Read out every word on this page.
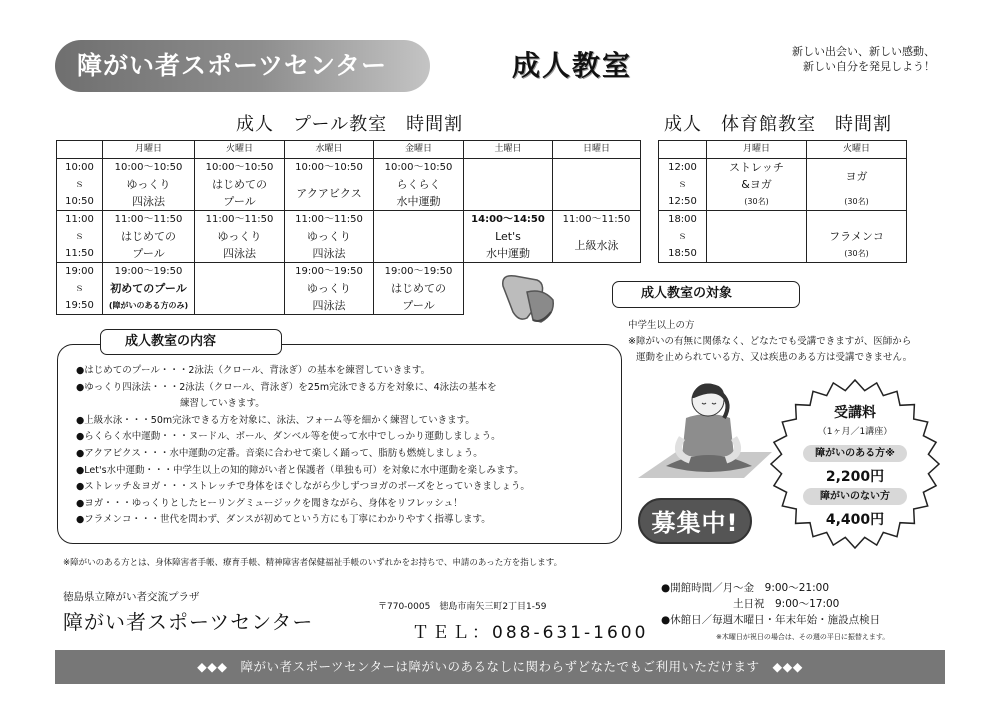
障がい者スポーツセンター	成人教室	新しい出会い、新しい感動、
新しい自分を発見しよう！
成人　プール教室　時間割
	月曜日	火曜日	水曜日	金曜日	土曜日	日曜日
10:00	10:00〜10:50	10:00〜10:50	10:00〜10:50	10:00〜10:50		
ｓ	ゆっくり	はじめての	アクアビクス	らくらく		
10:50	四泳法	プール		水中運動		
11:00	11:00〜11:50	11:00〜11:50	11:00〜11:50		14:00〜14:50	11:00〜11:50
ｓ	はじめての	ゆっくり	ゆっくり		Let's	上級水泳
11:50	プール	四泳法	四泳法		水中運動	
19:00	19:00〜19:50		19:00〜19:50	19:00〜19:50		
ｓ	初めてのプール		ゆっくり	はじめての		
19:50	(障がいのある方のみ)		四泳法	プール		
成人　体育館教室　時間割
	月曜日	火曜日
12:00	ストレッチ	ヨガ
ｓ	&ヨガ	
12:50	(30名)	(30名)
18:00		
ｓ		フラメンコ
18:50		(30名)
成人教室の対象
中学生以上の方
※障がいの有無に関係なく、どなたでも受講できますが、医師から
運動を止められている方、又は疾患のある方は受講できません。
成人教室の内容
●はじめてのプール・・・2泳法（クロール、背泳ぎ）の基本を練習していきます。
●ゆっくり四泳法・・・2泳法（クロール、背泳ぎ）を25m完泳できる方を対象に、4泳法の基本を
練習していきます。
●上級水泳・・・50m完泳できる方を対象に、泳法、フォーム等を細かく練習していきます。
●らくらく水中運動・・・ヌードル、ボール、ダンベル等を使って水中でしっかり運動しましょう。
●アクアビクス・・・水中運動の定番。音楽に合わせて楽しく踊って、脂肪も燃焼しましょう。
●Let's水中運動・・・中学生以上の知的障がい者と保護者（単独も可）を対象に水中運動を楽しみます。
●ストレッチ＆ヨガ・・・ストレッチで身体をほぐしながら少しずつヨガのポーズをとっていきましょう。
●ヨガ・・・ゆっくりとしたヒーリングミュージックを聞きながら、身体をリフレッシュ！
●フラメンコ・・・世代を問わず、ダンスが初めてという方にも丁寧にわかりやすく指導します。	募集中!
受講料
（1ヶ月／1講座）
障がいのある方※
2,200円
障がいのない方
4,400円
※障がいのある方とは、身体障害者手帳、療育手帳、精神障害者保健福祉手帳のいずれかをお持ちで、申請のあった方を指します。
徳島県立障がい者交流プラザ
障がい者スポーツセンター
〒770-0005　徳島市南矢三町2丁目1-59
ＴＥＬ：088-631-1600
●開館時間／月〜金　9:00〜21:00
土日祝　9:00〜17:00
●休館日／毎週木曜日・年末年始・施設点検日
※木曜日が祝日の場合は、その週の平日に振替えます。
◆◆◆　障がい者スポーツセンターは障がいのあるなしに関わらずどなたでもご利用いただけます　◆◆◆
